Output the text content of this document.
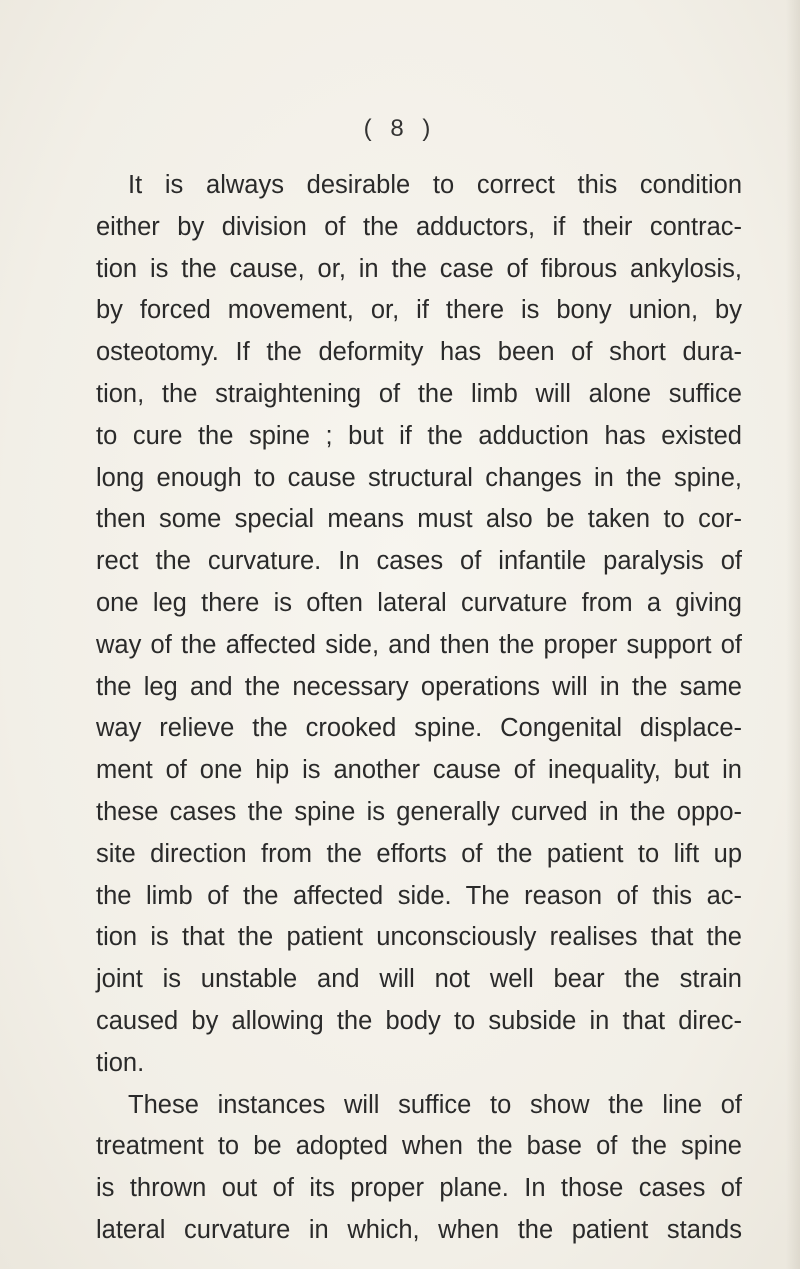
( 8 )
It is always desirable to correct this condition
either by division of the adductors, if their contrac-
tion is the cause, or, in the case of fibrous ankylosis,
by forced movement, or, if there is bony union, by
osteotomy. If the deformity has been of short dura-
tion, the straightening of the limb will alone suffice
to cure the spine ; but if the adduction has existed
long enough to cause structural changes in the spine,
then some special means must also be taken to cor-
rect the curvature. In cases of infantile paralysis of
one leg there is often lateral curvature from a giving
way of the affected side, and then the proper support of
the leg and the necessary operations will in the same
way relieve the crooked spine. Congenital displace-
ment of one hip is another cause of inequality, but in
these cases the spine is generally curved in the oppo-
site direction from the efforts of the patient to lift up
the limb of the affected side. The reason of this ac-
tion is that the patient unconsciously realises that the
joint is unstable and will not well bear the strain
caused by allowing the body to subside in that direc-
tion.
These instances will suffice to show the line of
treatment to be adopted when the base of the spine
is thrown out of its proper plane. In those cases of
lateral curvature in which, when the patient stands
